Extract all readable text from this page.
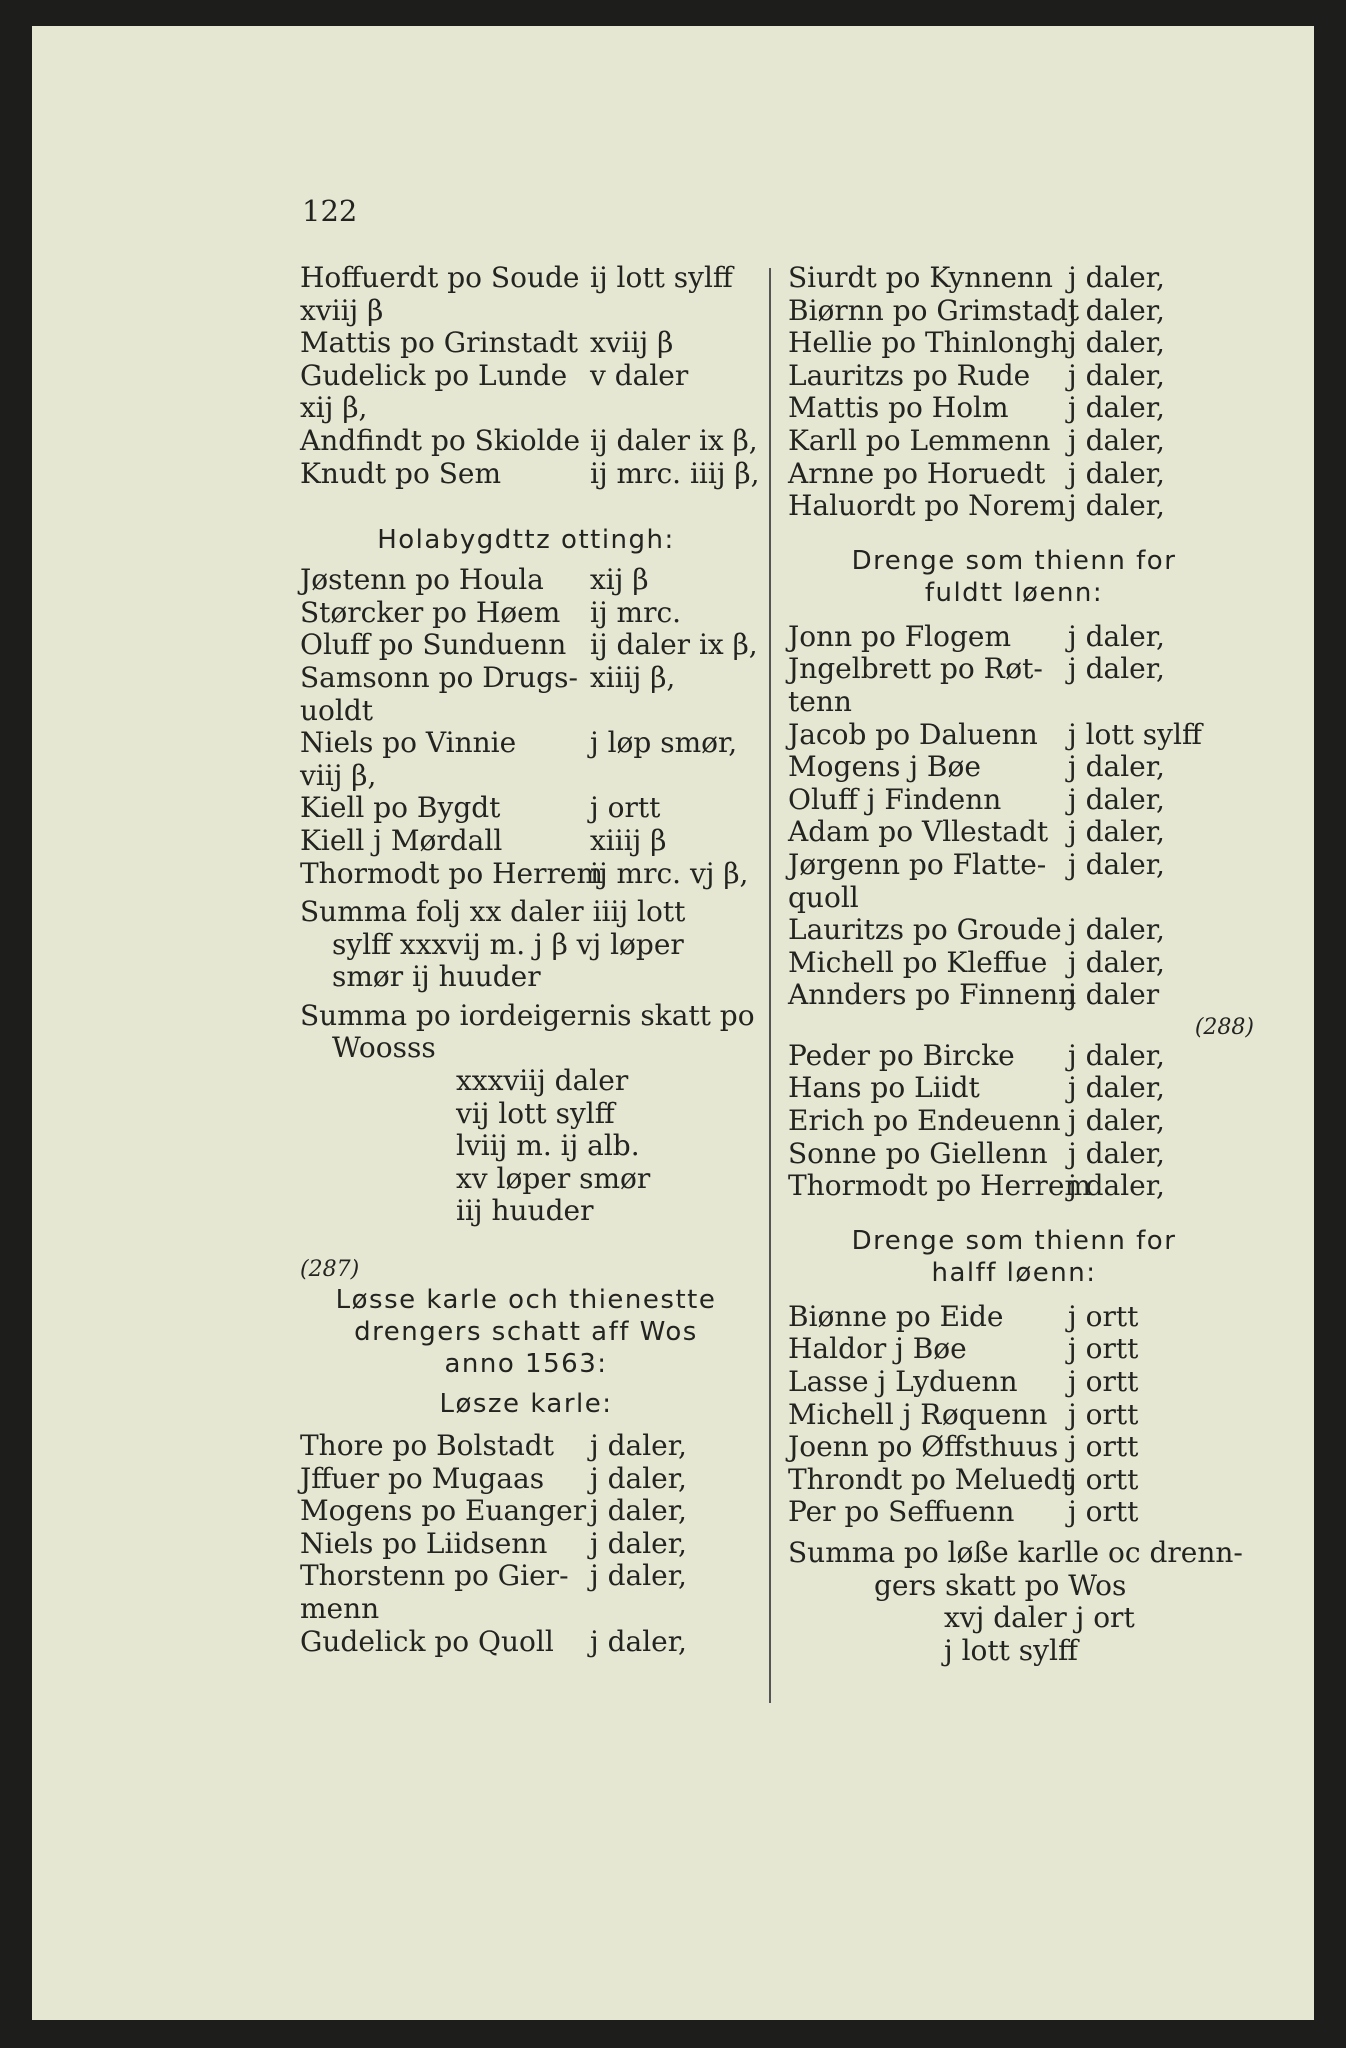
122
Hoffuerdt po Soude ij lott sylff
xviij β
Mattis po Grinstadt xviij β
Gudelick po Lunde v daler
xij β,
Andfindt po Skiolde ij daler ix β,
Knudt po Sem	ij mrc. iiij β,
Holabygdttz ottingh:
Jøstenn po Houla xij β
Størcker po Høem ij mrc.
Oluff po Sunduenn ij daler ix β,
Samsonn po Drugs- xiiij β,
uoldt
Niels po Vinnie	j løp smør,
viij β,
Kiell po Bygdt	j ortt
Kiell j Mørdall	xiiij β
Thormodt po Herrem
ij mrc. vj β,
Summa folj xx daler iiij lott
sylff xxxvij m. j β vj løper
smør ij huuder
Summa po iordeigernis skatt po
Woosss
xxxviij daler
vij lott sylff
lviij m. ij alb.
xv løper smør
iij huuder
(287)
Løsse karle och thienestte
drengers schatt aff Wos
anno 1563:
Løsze karle:
Thore po Bolstadt j daler,
Jffuer po Mugaas j daler,
Mogens po Euanger j daler,
Niels po Liidsenn j daler,
Thorstenn po Gier- j daler,
menn
Gudelick po Quoll j daler,
Siurdt po Kynnenn j daler,
Biørnn po Grimstadt
j daler,
Hellie po Thinlongh j daler,
Lauritzs po Rude j daler,
Mattis po Holm j daler,
Karll po Lemmenn j daler,
Arnne po Horuedt j daler,
Haluordt po Norem j daler,
Drenge som thienn for
fuldtt løenn:
Jonn po Flogem j daler,
Jngelbrett po Røt- j daler,
tenn
Jacob po Daluenn j lott sylff
Mogens j Bøe	j daler,
Oluff j Findenn j daler,
Adam po Vllestadt j daler,
Jørgenn po Flatte- j daler,
quoll
Lauritzs po Groude j daler,
Michell po Kleffue j daler,
Annders po Finnenn
j daler
(288)
Peder po Bircke j daler,
Hans po Liidt	j daler,
Erich po Endeuenn j daler,
Sonne po Giellenn j daler,
Thormodt po Herrem
j daler,
Drenge som thienn for
halff løenn:
Biønne po Eide j ortt
Haldor j Bøe	j ortt
Lasse j Lyduenn j ortt
Michell j Røquenn j ortt
Joenn po Øffsthuus j ortt
Throndt po Meluedt
j ortt
Per po Seffuenn j ortt
Summa po løße karlle oc drenn-
gers skatt po Wos
xvj daler j ort
j lott sylff
